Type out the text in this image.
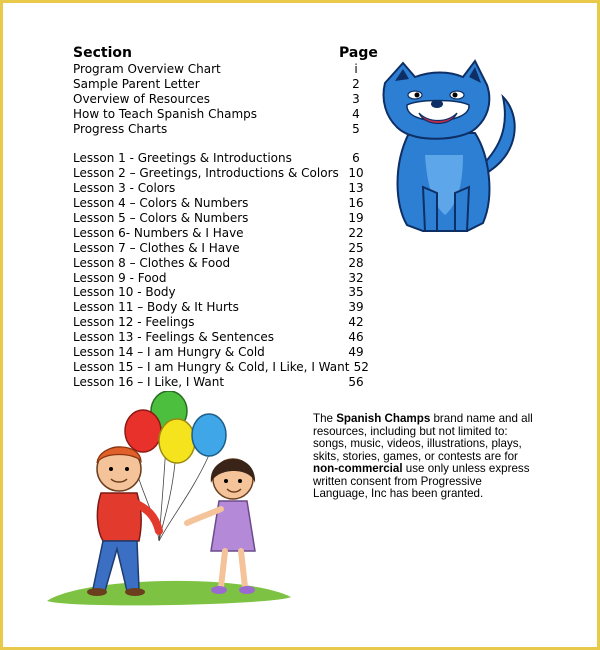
Section	Page
Program Overview Chart	i
Sample Parent Letter	2
Overview of Resources	3
How to Teach Spanish Champs	4
Progress Charts	5
Lesson 1 - Greetings & Introductions	6
Lesson 2 – Greetings, Introductions & Colors 10
Lesson 3 - Colors	13
Lesson 4 – Colors & Numbers	16
Lesson 5 – Colors & Numbers	19
Lesson 6- Numbers & I Have	22
Lesson 7 – Clothes & I Have	25
Lesson 8 – Clothes & Food	28
Lesson 9 - Food	32
Lesson 10 - Body	35
Lesson 11 – Body & It Hurts	39
Lesson 12 - Feelings	42
Lesson 13 - Feelings & Sentences	46
Lesson 14 – I am Hungry & Cold	49
Lesson 15 – I am Hungry & Cold, I Like, I Want 52
Lesson 16 – I Like, I Want	56
The Spanish Champs brand name and all resources, including but not limited to: songs, music, videos, illustrations, plays, skits, stories, games, or contests are for non-commercial use only unless express written consent from Progressive Language, Inc has been granted.
